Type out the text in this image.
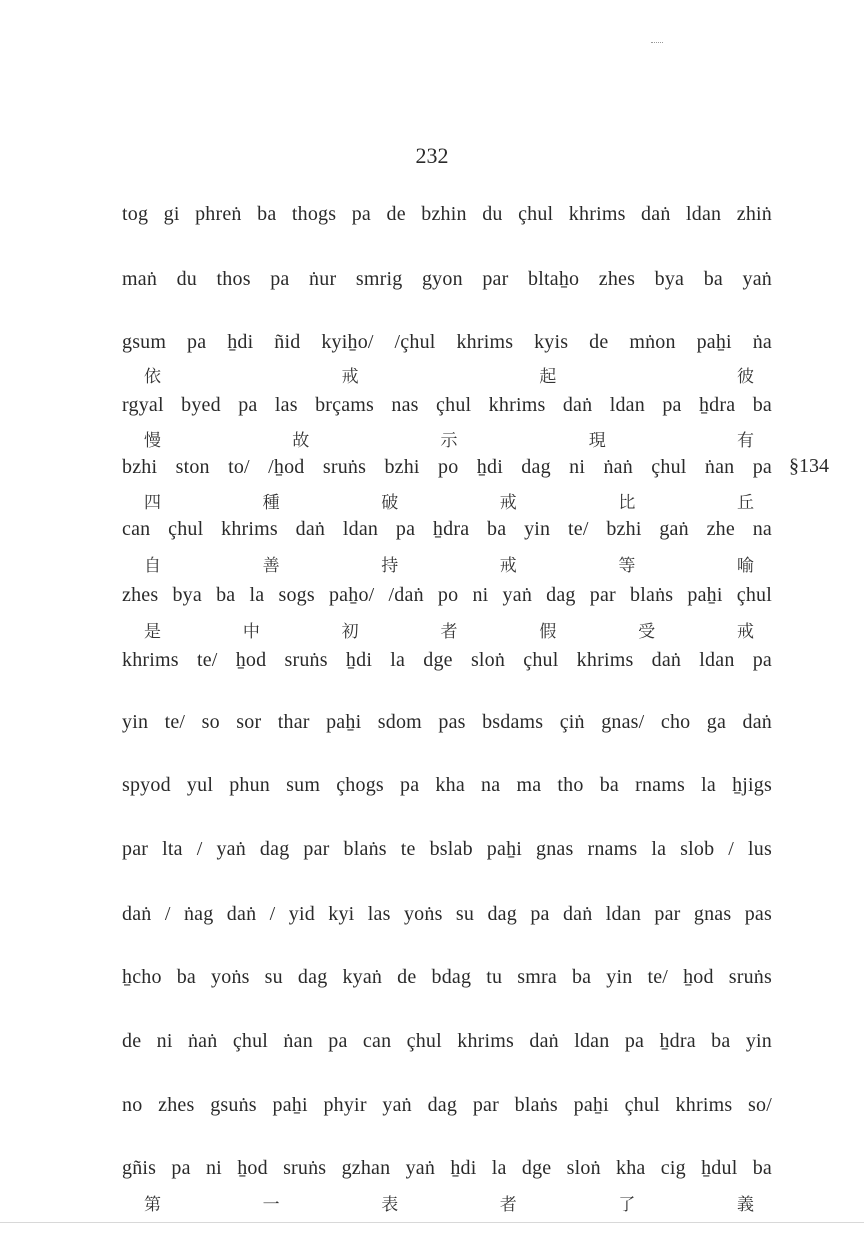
232
tog gi phreṅ ba thogs pa de bzhin du çhul khrims daṅ ldan zhiṅ
maṅ du thos pa ṅur smrig gyon par bltaẖo zhes bya ba yaṅ
gsum pa ẖdi ñid kyiẖo/ /çhul khrims kyis de mṅon paẖi ṅa
依	戒	起	彼
rgyal byed pa las brçams nas çhul khrims daṅ ldan pa ẖdra ba
慢	故	示	現	有
bzhi ston to/ /ẖod sruṅs bzhi po ẖdi dag ni ṅaṅ çhul ṅan pa §134
四	種	破	戒	比	丘
can çhul khrims daṅ ldan pa ẖdra ba yin te/ bzhi gaṅ zhe na
自	善	持	戒	等	喻
zhes bya ba la sogs paẖo/ /daṅ po ni yaṅ dag par blaṅs paẖi çhul
是	中	初	者	假	受	戒
khrims te/ ẖod sruṅs ẖdi la dge sloṅ çhul khrims daṅ ldan pa
yin te/ so sor thar paẖi sdom pas bsdams çiṅ gnas/ cho ga daṅ
spyod yul phun sum çhogs pa kha na ma tho ba rnams la ẖjigs
par lta / yaṅ dag par blaṅs te bslab paẖi gnas rnams la slob / lus
daṅ / ṅag daṅ / yid kyi las yoṅs su dag pa daṅ ldan par gnas pas
ẖcho ba yoṅs su dag kyaṅ de bdag tu smra ba yin te/ ẖod sruṅs
de ni ṅaṅ çhul ṅan pa can çhul khrims daṅ ldan pa ẖdra ba yin
no zhes gsuṅs paẖi phyir yaṅ dag par blaṅs paẖi çhul khrims so/
gñis pa ni ẖod sruṅs gzhan yaṅ ẖdi la dge sloṅ kha cig ẖdul ba
第	一	表	者	了	義
